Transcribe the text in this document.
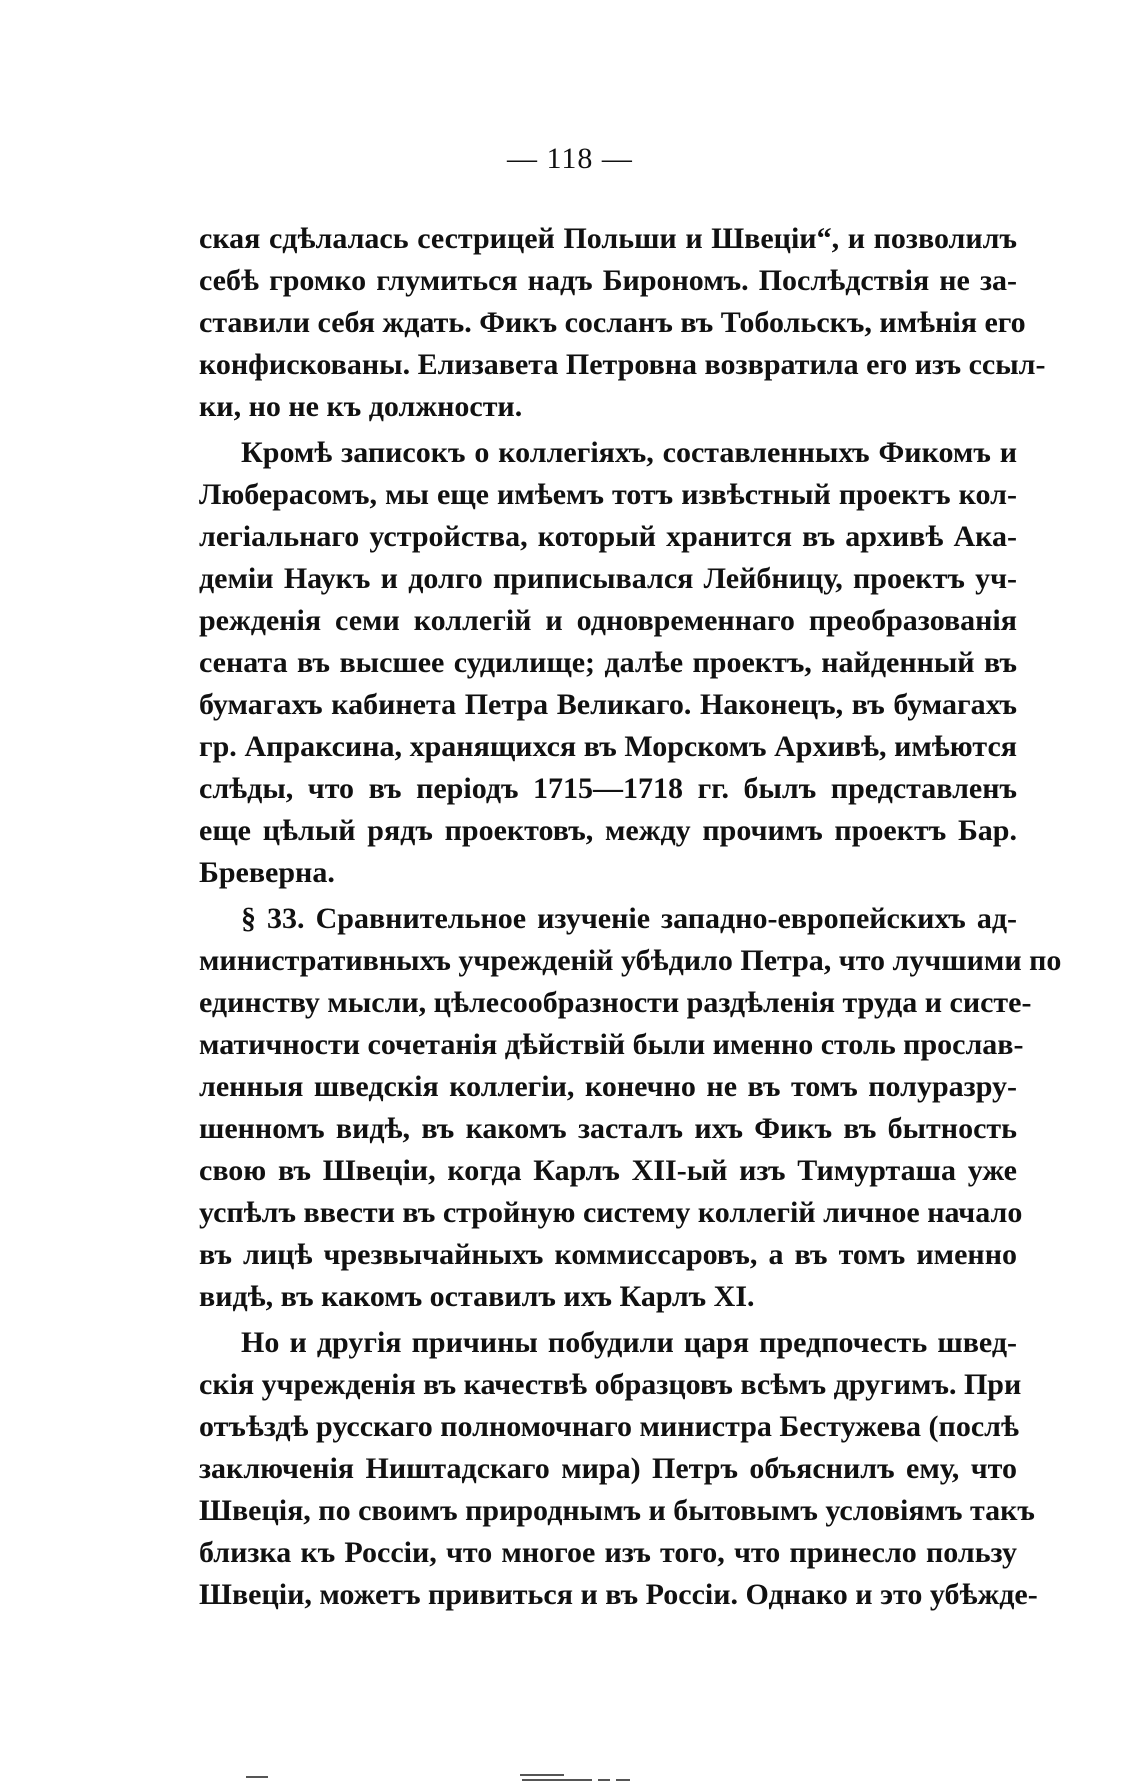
— 118 —
ская сдѣлалась сестрицей Польши и Швеціи“, и позволилъ
себѣ громко глумиться надъ Бирономъ. Послѣдствія не за-
ставили себя ждать. Фикъ сосланъ въ Тобольскъ, имѣнія его
конфискованы. Елизавета Петровна возвратила его изъ ссыл-
ки, но не къ должности.
Кромѣ записокъ о коллегіяхъ, составленныхъ Фикомъ и
Люберасомъ, мы еще имѣемъ тотъ извѣстный проектъ кол-
легіальнаго устройства, который хранится въ архивѣ Ака-
деміи Наукъ и долго приписывался Лейбницу, проектъ уч-
режденія семи коллегій и одновременнаго преобразованія
сената въ высшее судилище; далѣе проектъ, найденный въ
бумагахъ кабинета Петра Великаго. Наконецъ, въ бумагахъ
гр. Апраксина, хранящихся въ Морскомъ Архивѣ, имѣются
слѣды, что въ періодъ 1715—1718 гг. былъ представленъ
еще цѣлый рядъ проектовъ, между прочимъ проектъ Бар.
Бреверна.
§ 33. Сравнительное изученіе западно-европейскихъ ад-
министративныхъ учрежденій убѣдило Петра, что лучшими по
единству мысли, цѣлесообразности раздѣленія труда и систе-
матичности сочетанія дѣйствій были именно столь прослав-
ленныя шведскія коллегіи, конечно не въ томъ полуразру-
шенномъ видѣ, въ какомъ засталъ ихъ Фикъ въ бытность
свою въ Швеціи, когда Карлъ XII-ый изъ Тимурташа уже
успѣлъ ввести въ стройную систему коллегій личное начало
въ лицѣ чрезвычайныхъ коммиссаровъ, а въ томъ именно
видѣ, въ какомъ оставилъ ихъ Карлъ XI.
Но и другія причины побудили царя предпочесть швед-
скія учрежденія въ качествѣ образцовъ всѣмъ другимъ. При
отъѣздѣ русскаго полномочнаго министра Бестужева (послѣ
заключенія Ништадскаго мира) Петръ объяснилъ ему, что
Швеція, по своимъ природнымъ и бытовымъ условіямъ такъ
близка къ Россіи, что многое изъ того, что принесло пользу
Швеціи, можетъ привиться и въ Россіи. Однако и это убѣжде-
